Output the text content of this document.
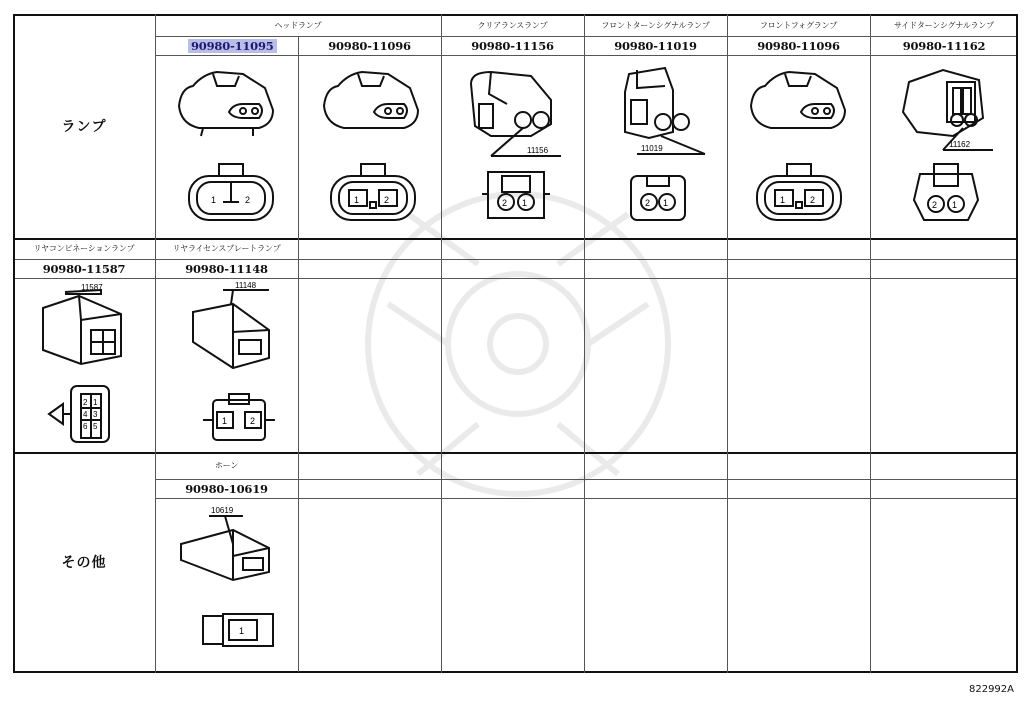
ランプ
ヘッドランプ	クリアランスランプ	フロントターンシグナルランプ	フロントフォグランプ	サイドターンシグナルランプ
90980-11095	90980-11096	90980-11156	90980-11019	90980-11096	90980-11162
1	2	1	2
11156
2 1
11019
2 1	1	2
11162
2 1
リヤコンビネーションランプ	リヤライセンスプレートランプ
90980-11587	90980-11148
11587
2 1
4 3
6 5
11148
1	2
その他
ホーン
90980-10619
10619
1
822992A
